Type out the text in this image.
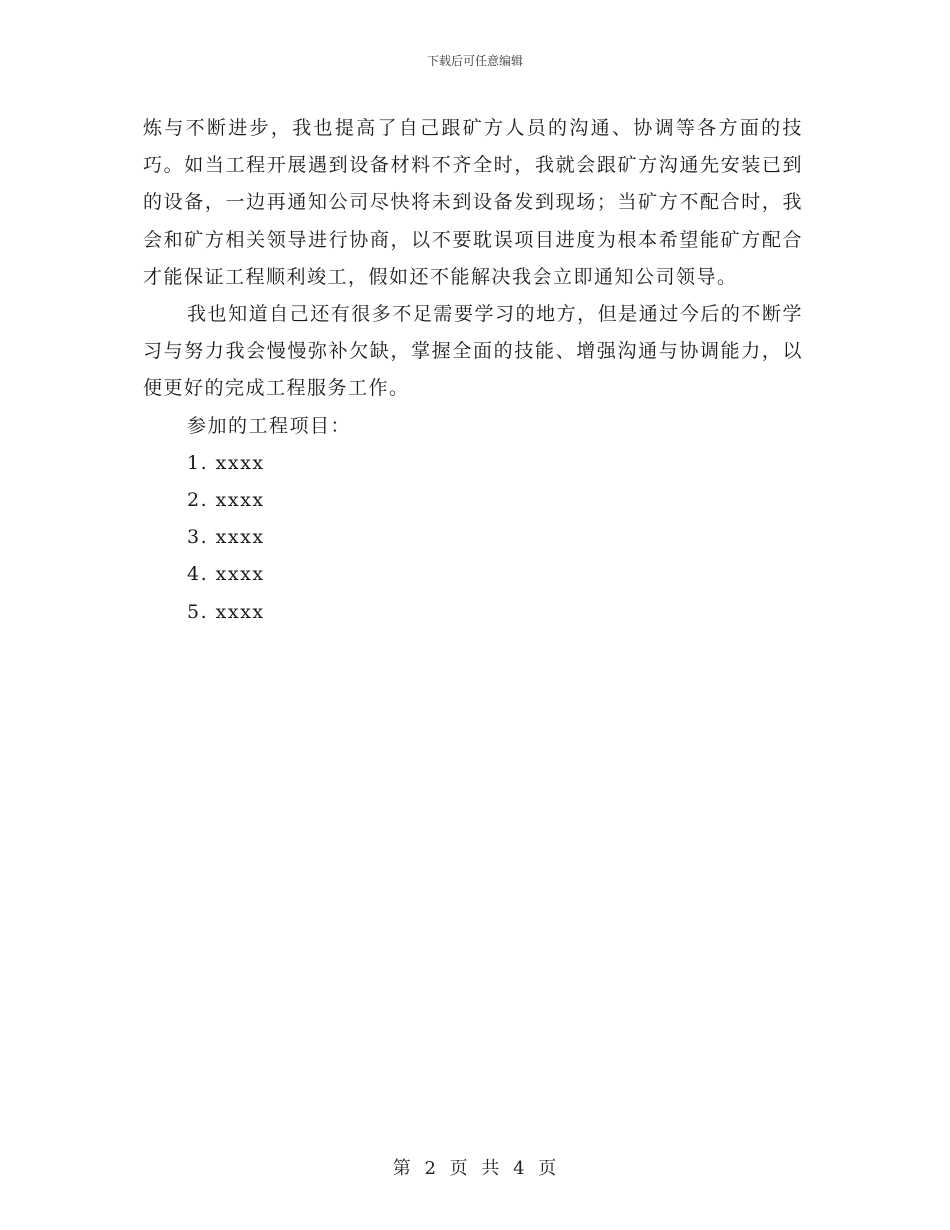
下载后可任意编辑

炼与不断进步，我也提高了自己跟矿方人员的沟通、协调等各方面的技巧。如当工程开展遇到设备材料不齐全时，我就会跟矿方沟通先安装已到的设备，一边再通知公司尽快将未到设备发到现场；当矿方不配合时，我会和矿方相关领导进行协商，以不要耽误项目进度为根本希望能矿方配合才能保证工程顺利竣工，假如还不能解决我会立即通知公司领导。

我也知道自己还有很多不足需要学习的地方，但是通过今后的不断学习与努力我会慢慢弥补欠缺，掌握全面的技能、增强沟通与协调能力，以便更好的完成工程服务工作。

参加的工程项目：

1. xxxx
2. xxxx
3. xxxx
4. xxxx
5. xxxx
第 2 页 共 4 页
